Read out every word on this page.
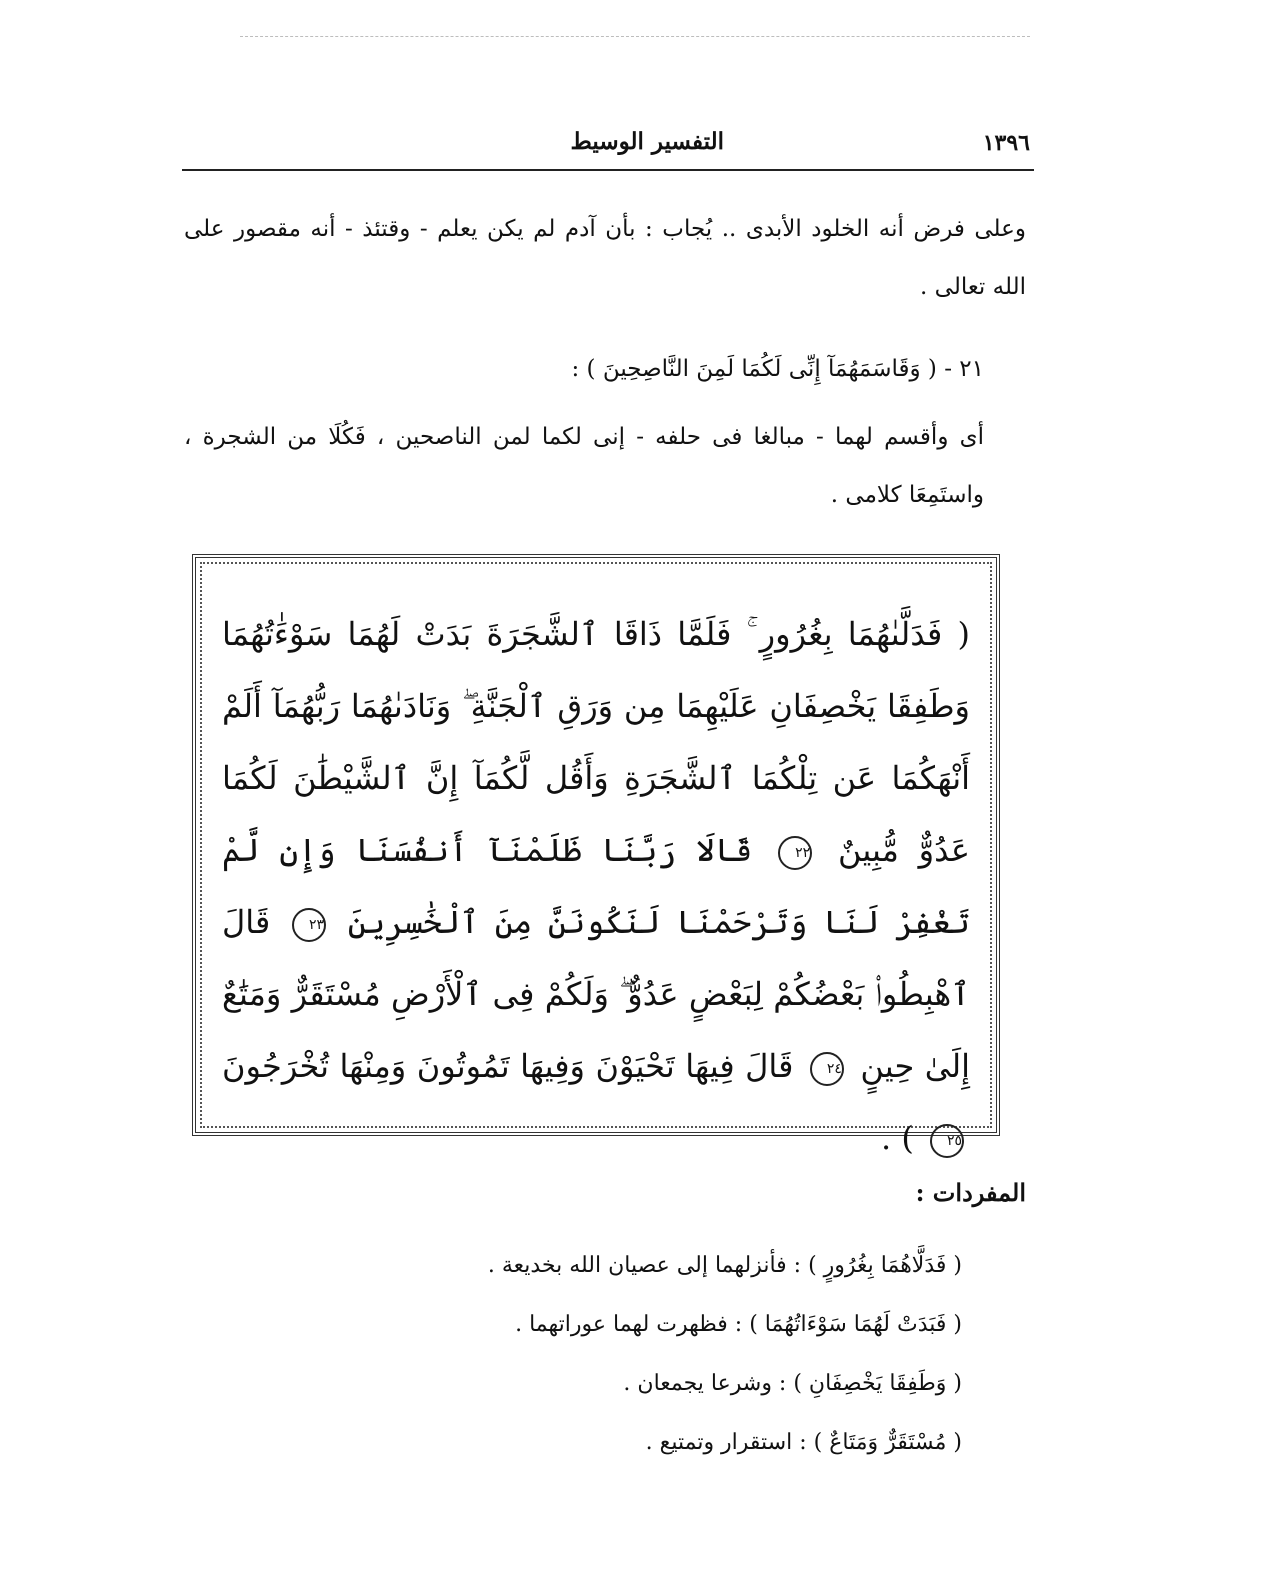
١٣٩٦
التفسير الوسيط

وعلى فرض أنه الخلود الأبدى .. يُجاب : بأن آدم لم يكن يعلم - وقتئذ - أنه مقصور على الله تعالى .

٢١ - ( وَقَاسَمَهُمَآ إِنِّى لَكُمَا لَمِنَ النَّاصِحِينَ ) :

أى وأقسم لهما - مبالغا فى حلفه - إنى لكما لمن الناصحين ، فَكُلَا من الشجرة ، واستَمِعَا كلامى .

( فَدَلَّىٰهُمَا بِغُرُورٍ ۚ فَلَمَّا ذَاقَا ٱلشَّجَرَةَ بَدَتْ لَهُمَا سَوْءَٰتُهُمَا وَطَفِقَا يَخْصِفَانِ عَلَيْهِمَا مِن وَرَقِ ٱلْجَنَّةِ ۖ وَنَادَىٰهُمَا رَبُّهُمَآ أَلَمْ أَنْهَكُمَا عَن تِلْكُمَا ٱلشَّجَرَةِ وَأَقُل لَّكُمَآ إِنَّ ٱلشَّيْطَٰنَ لَكُمَا عَدُوٌّ مُّبِينٌ ٢٢ قَالَا رَبَّنَا ظَلَمْنَآ أَنفُسَنَا وَإِن لَّمْ تَغْفِرْ لَنَا وَتَرْحَمْنَا لَنَكُونَنَّ مِنَ ٱلْخَٰسِرِينَ ٢٣ قَالَ ٱهْبِطُوا۟ بَعْضُكُمْ لِبَعْضٍ عَدُوٌّ ۖ وَلَكُمْ فِى ٱلْأَرْضِ مُسْتَقَرٌّ وَمَتَٰعٌ إِلَىٰ حِينٍ ٢٤ قَالَ فِيهَا تَحْيَوْنَ وَفِيهَا تَمُوتُونَ وَمِنْهَا تُخْرَجُونَ ٢٥ ) .
المفردات :
( فَدَلَّاهُمَا بِغُرُورٍ ) : فأنزلهما إلى عصيان الله بخديعة .
( فَبَدَتْ لَهُمَا سَوْءَاتُهُمَا ) : فظهرت لهما عوراتهما .
( وَطَفِقَا يَخْصِفَانِ ) : وشرعا يجمعان .
( مُسْتَقَرٌّ وَمَتَاعٌ ) : استقرار وتمتيع .
